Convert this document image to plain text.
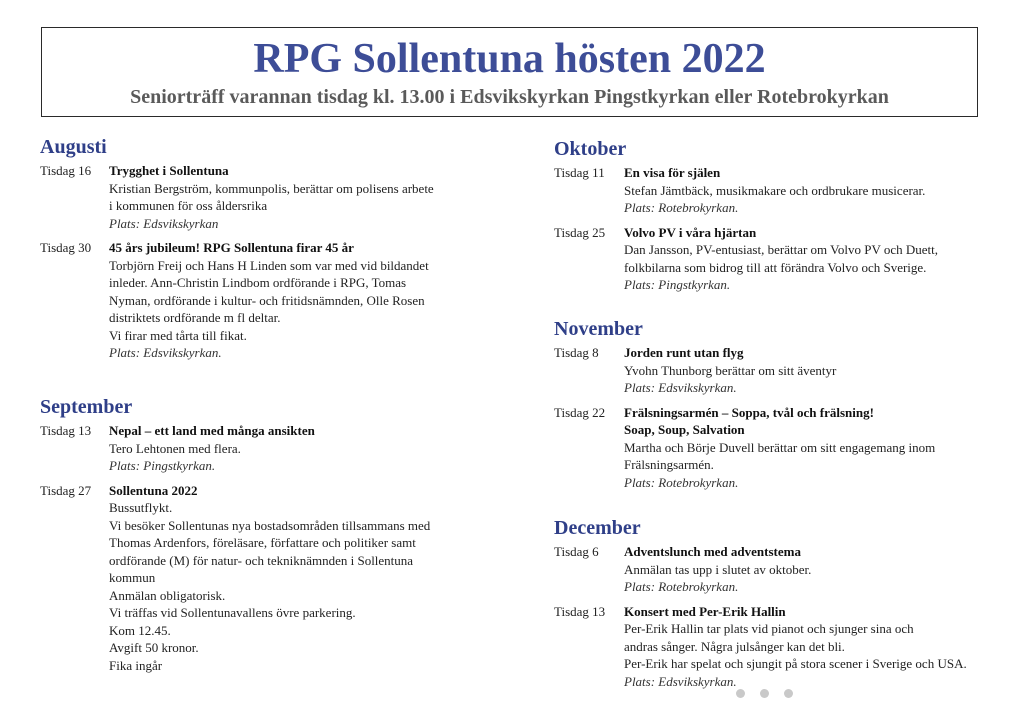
RPG Sollentuna hösten 2022

Seniorträff varannan tisdag kl. 13.00 i Edsvikskyrkan Pingstkyrkan eller Rotebrokyrkan

Augusti
Tisdag 16 Trygghet i Sollentuna
Kristian Bergström, kommunpolis, berättar om polisens arbete
i kommunen för oss åldersrika
Plats: Edsvikskyrkan
Tisdag 30 45 års jubileum! RPG Sollentuna firar 45 år
Torbjörn Freij och Hans H Linden som var med vid bildandet
inleder. Ann-Christin Lindbom ordförande i RPG, Tomas
Nyman, ordförande i kultur- och fritidsnämnden, Olle Rosen
distriktets ordförande m fl deltar.
Vi firar med tårta till fikat.
Plats: Edsvikskyrkan.
September
Tisdag 13 Nepal – ett land med många ansikten
Tero Lehtonen med flera.
Plats: Pingstkyrkan.
Tisdag 27 Sollentuna 2022
Bussutflykt.
Vi besöker Sollentunas nya bostadsområden tillsammans med
Thomas Ardenfors, föreläsare, författare och politiker samt
ordförande (M) för natur- och tekniknämnden i Sollentuna
kommun
Anmälan obligatorisk.
Vi träffas vid Sollentunavallens övre parkering.
Kom 12.45.
Avgift 50 kronor.
Fika ingår
Oktober
Tisdag 11 En visa för själen
Stefan Jämtbäck, musikmakare och ordbrukare musicerar.
Plats: Rotebrokyrkan.
Tisdag 25 Volvo PV i våra hjärtan
Dan Jansson, PV-entusiast, berättar om Volvo PV och Duett,
folkbilarna som bidrog till att förändra Volvo och Sverige.
Plats: Pingstkyrkan.
November
Tisdag 8 Jorden runt utan flyg
Yvohn Thunborg berättar om sitt äventyr
Plats: Edsvikskyrkan.
Tisdag 22 Frälsningsarmén – Soppa, tvål och frälsning!
Soap, Soup, Salvation
Martha och Börje Duvell berättar om sitt engagemang inom
Frälsningsarmén.
Plats: Rotebrokyrkan.
December
Tisdag 6 Adventslunch med adventstema
Anmälan tas upp i slutet av oktober.
Plats: Rotebrokyrkan.
Tisdag 13 Konsert med Per-Erik Hallin
Per-Erik Hallin tar plats vid pianot och sjunger sina och
andras sånger. Några julsånger kan det bli.
Per-Erik har spelat och sjungit på stora scener i Sverige och USA.
Plats: Edsvikskyrkan.
